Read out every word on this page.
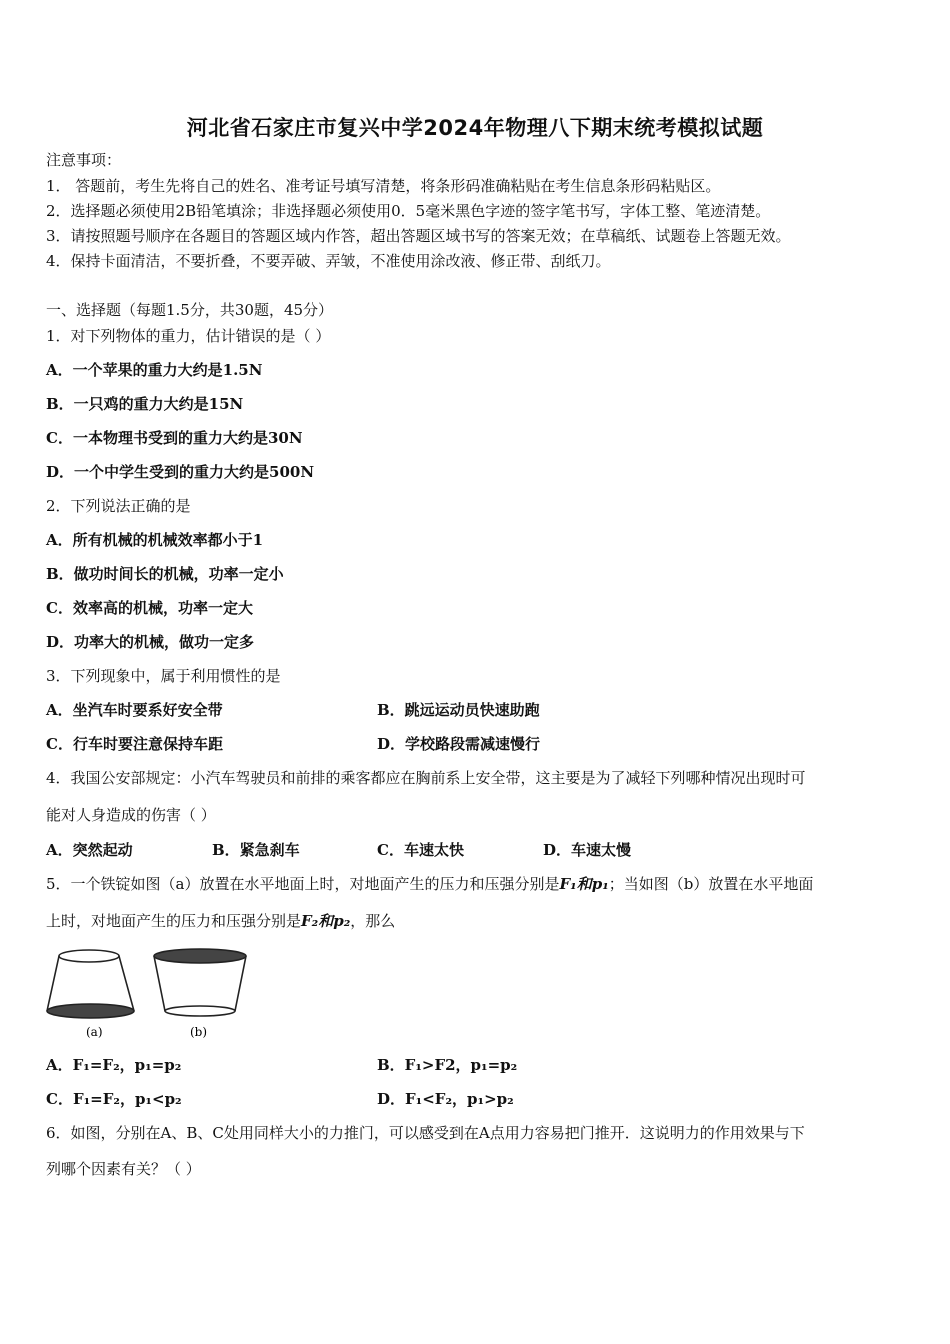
河北省石家庄市复兴中学2024年物理八下期末统考模拟试题
注意事项：
1． 答题前，考生先将自己的姓名、准考证号填写清楚，将条形码准确粘贴在考生信息条形码粘贴区。
2．选择题必须使用2B铅笔填涂；非选择题必须使用0．5毫米黑色字迹的签字笔书写，字体工整、笔迹清楚。
3．请按照题号顺序在各题目的答题区域内作答，超出答题区域书写的答案无效；在草稿纸、试题卷上答题无效。
4．保持卡面清洁，不要折叠，不要弄破、弄皱，不准使用涂改液、修正带、刮纸刀。
一、选择题（每题1.5分，共30题，45分）
1．对下列物体的重力，估计错误的是（ ）
A．一个苹果的重力大约是1.5N
B．一只鸡的重力大约是15N
C．一本物理书受到的重力大约是30N
D．一个中学生受到的重力大约是500N
2．下列说法正确的是
A．所有机械的机械效率都小于1
B．做功时间长的机械，功率一定小
C．效率高的机械，功率一定大
D．功率大的机械，做功一定多
3．下列现象中，属于利用惯性的是
A．坐汽车时要系好安全带	B．跳远运动员快速助跑
C．行车时要注意保持车距	D．学校路段需减速慢行
4．我国公安部规定：小汽车驾驶员和前排的乘客都应在胸前系上安全带，这主要是为了减轻下列哪种情况出现时可
能对人身造成的伤害（ ）
A．突然起动	B．紧急刹车	C．车速太快	D．车速太慢
5．一个铁锭如图（a）放置在水平地面上时，对地面产生的压力和压强分别是F₁和p₁；当如图（b）放置在水平地面
上时，对地面产生的压力和压强分别是F₂和p₂，那么
(a)	(b)
A．F₁=F₂，p₁=p₂	B．F₁>F2，p₁=p₂
C．F₁=F₂，p₁<p₂	D．F₁<F₂，p₁>p₂
6．如图，分别在A、B、C处用同样大小的力推门，可以感受到在A点用力容易把门推开．这说明力的作用效果与下
列哪个因素有关？（ ）
